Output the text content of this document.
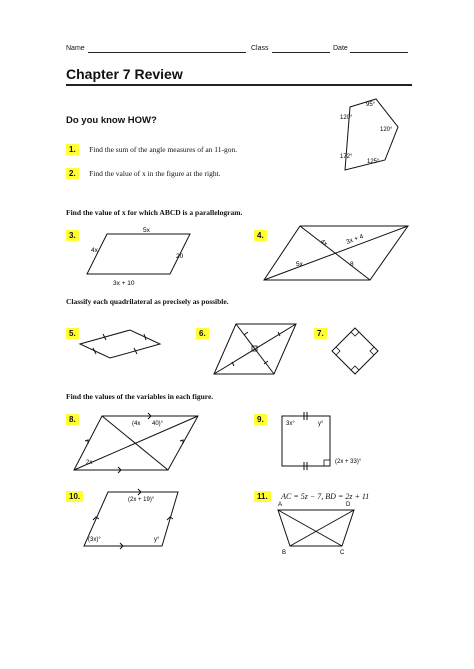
Name	Class	Date
Chapter 7 Review
Do you know HOW?
1. Find the sum of the angle measures of an 11-gon.
2. Find the value of x in the figure at the right.
95°
120°
120°
172°
125°
Find the value of x for which ABCD is a parallelogram.
3.
5x
4x
20
3x + 10
4.
4x	3x + 4
5x	8
Classify each quadrilateral as precisely as possible.
5.	6.	7.
Find the values of the variables in each figure.
8.	(4x 40)°
2x
9.	3x°	y°
(2x + 33)°
10.	(2x + 19)°
(3x)°	y°
11. AC = 5z − 7, BD = 2z + 11
A	D
B	C
